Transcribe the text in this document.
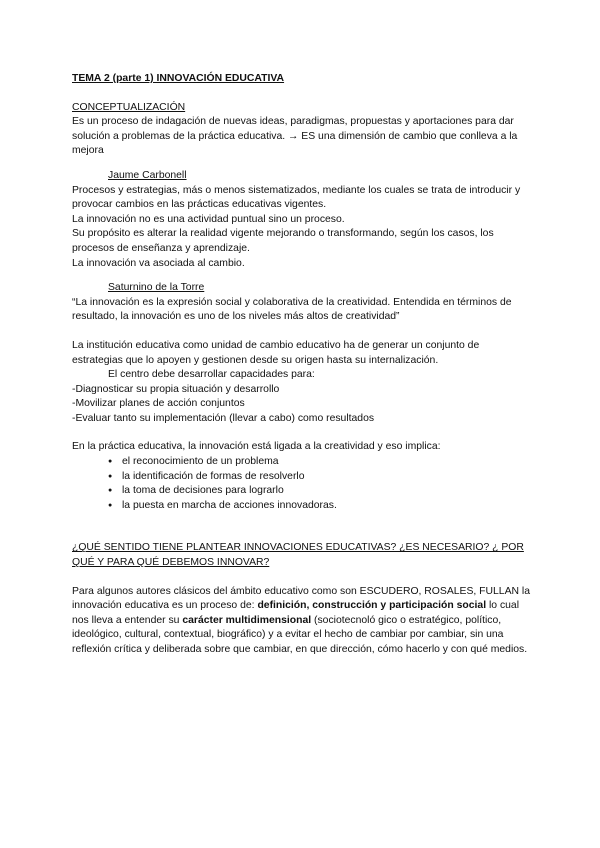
TEMA 2 (parte 1) INNOVACIÓN EDUCATIVA
CONCEPTUALIZACIÓN
Es un proceso de indagación de nuevas ideas, paradigmas, propuestas y aportaciones para dar solución a problemas de la práctica educativa. → ES una dimensión de cambio que conlleva a la mejora
Jaume Carbonell
Procesos y estrategias, más o menos sistematizados, mediante los cuales se trata de introducir y provocar cambios en las prácticas educativas vigentes.
La innovación no es una actividad puntual sino un proceso.
Su propósito es alterar la realidad vigente mejorando o transformando, según los casos, los procesos de enseñanza y aprendizaje.
La innovación va asociada al cambio.
Saturnino de la Torre
“La innovación es la expresión social y colaborativa de la creatividad. Entendida en términos de resultado, la innovación es uno de los niveles más altos de creatividad”
La institución educativa como unidad de cambio educativo ha de generar un conjunto de estrategias que lo apoyen y gestionen desde su origen hasta su internalización.
El centro debe desarrollar capacidades para:
-Diagnosticar su propia situación y desarrollo
-Movilizar planes de acción conjuntos
-Evaluar tanto su implementación (llevar a cabo) como resultados
En la práctica educativa, la innovación está ligada a la creatividad y eso implica:
● el reconocimiento de un problema
● la identificación de formas de resolverlo
● la toma de decisiones para lograrlo
● la puesta en marcha de acciones innovadoras.
¿QUÉ SENTIDO TIENE PLANTEAR INNOVACIONES EDUCATIVAS? ¿ES NECESARIO? ¿ POR QUÉ Y PARA QUÉ DEBEMOS INNOVAR?
Para algunos autores clásicos del ámbito educativo como son ESCUDERO, ROSALES, FULLAN la innovación educativa es un proceso de: definición, construcción y participación social lo cual nos lleva a entender su carácter multidimensional (sociotecnoló gico o estratégico, político, ideológico, cultural, contextual, biográfico) y a evitar el hecho de cambiar por cambiar, sin una reflexión crítica y deliberada sobre que cambiar, en que dirección, cómo hacerlo y con qué medios.
